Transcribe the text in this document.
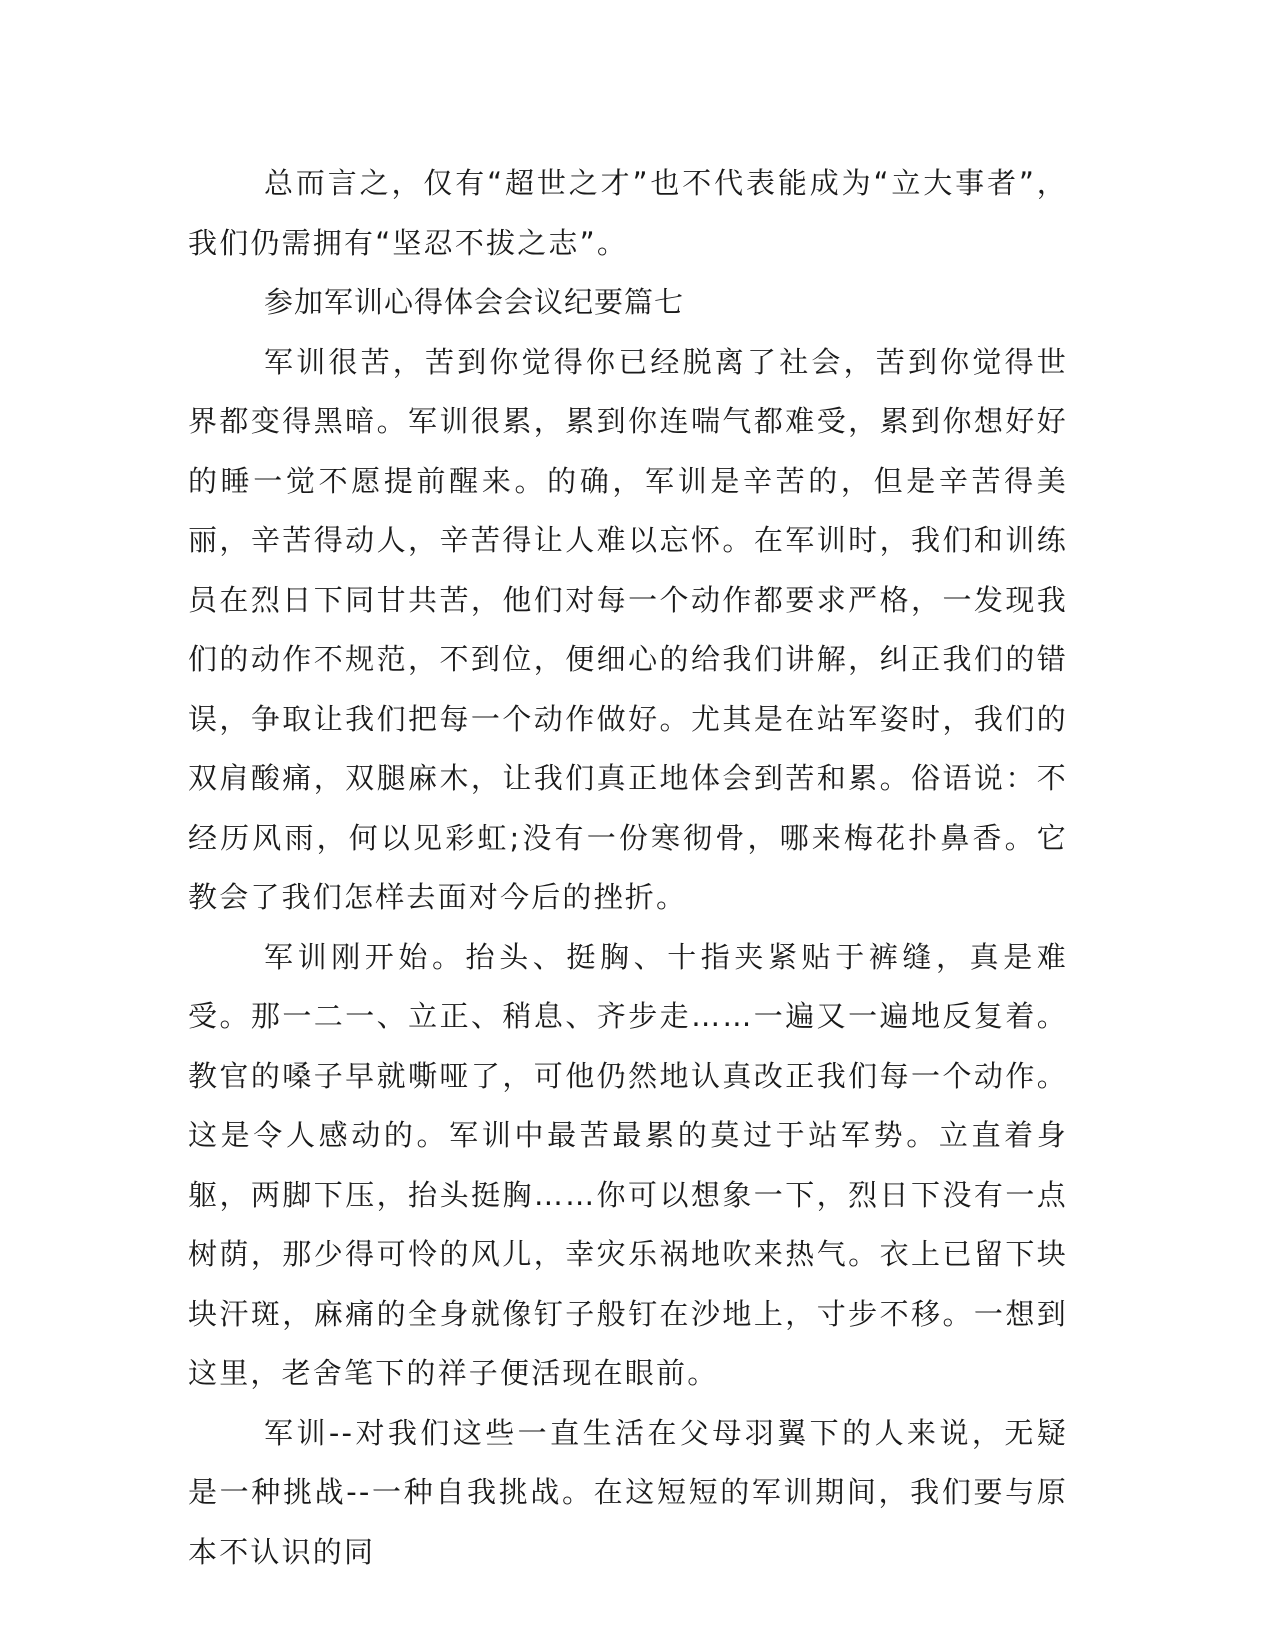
总而言之，仅有“超世之才”也不代表能成为“立大事者”，我们仍需拥有“坚忍不拔之志”。

参加军训心得体会会议纪要篇七

军训很苦，苦到你觉得你已经脱离了社会，苦到你觉得世界都变得黑暗。军训很累，累到你连喘气都难受，累到你想好好的睡一觉不愿提前醒来。的确，军训是辛苦的，但是辛苦得美丽，辛苦得动人，辛苦得让人难以忘怀。在军训时，我们和训练员在烈日下同甘共苦，他们对每一个动作都要求严格，一发现我们的动作不规范，不到位，便细心的给我们讲解，纠正我们的错误，争取让我们把每一个动作做好。尤其是在站军姿时，我们的双肩酸痛，双腿麻木，让我们真正地体会到苦和累。俗语说：不经历风雨，何以见彩虹;没有一份寒彻骨，哪来梅花扑鼻香。它教会了我们怎样去面对今后的挫折。

军训刚开始。抬头、挺胸、十指夹紧贴于裤缝，真是难受。那一二一、立正、稍息、齐步走……一遍又一遍地反复着。教官的嗓子早就嘶哑了，可他仍然地认真改正我们每一个动作。这是令人感动的。军训中最苦最累的莫过于站军势。立直着身躯，两脚下压，抬头挺胸……你可以想象一下，烈日下没有一点树荫，那少得可怜的风儿，幸灾乐祸地吹来热气。衣上已留下块块汗斑，麻痛的全身就像钉子般钉在沙地上，寸步不移。一想到这里，老舍笔下的祥子便活现在眼前。

军训--对我们这些一直生活在父母羽翼下的人来说，无疑是一种挑战--一种自我挑战。在这短短的军训期间，我们要与原本不认识的同
